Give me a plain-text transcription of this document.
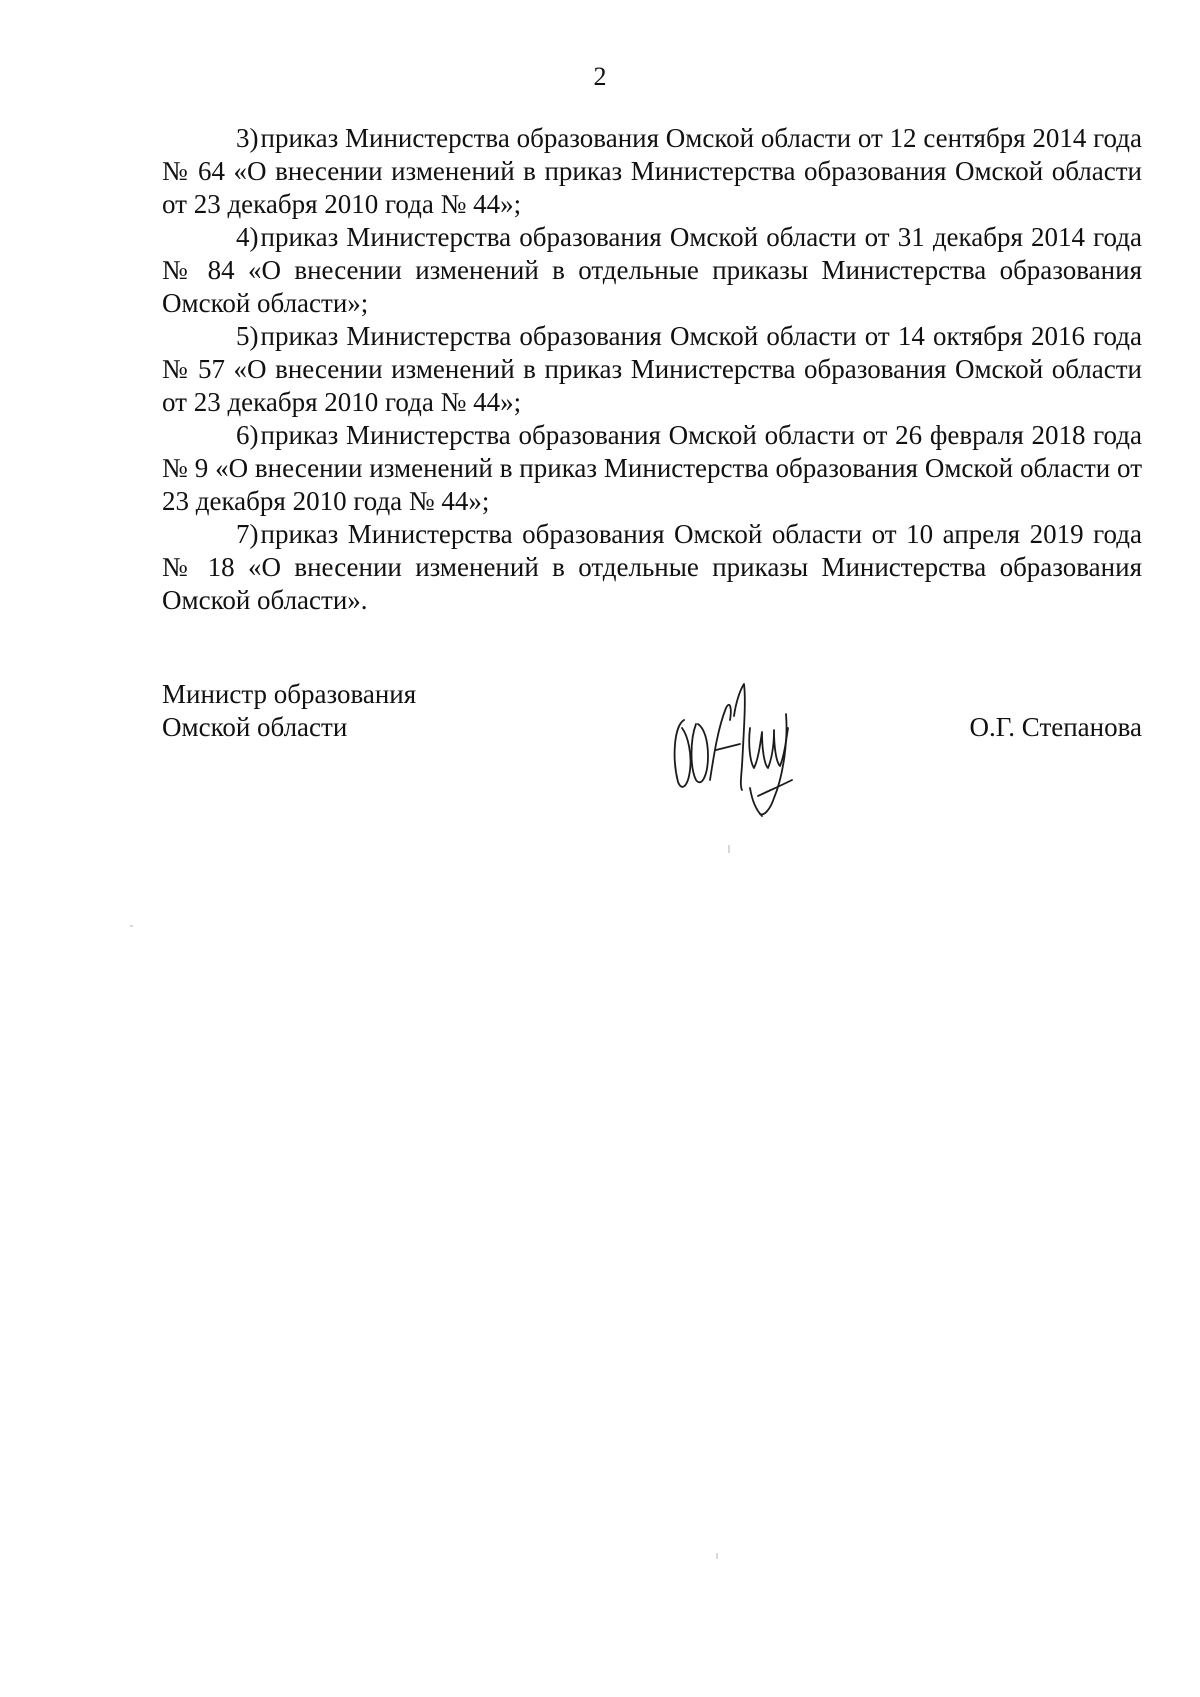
2

3)приказ Министерства образования Омской области от 12 сентября 2014 года № 64 «О внесении изменений в приказ Министерства образования Омской области от 23 декабря 2010 года № 44»;

4)приказ Министерства образования Омской области от 31 декабря 2014 года № 84 «О внесении изменений в отдельные приказы Министерства образования Омской области»;

5)приказ Министерства образования Омской области от 14 октября 2016 года № 57 «О внесении изменений в приказ Министерства образования Омской области от 23 декабря 2010 года № 44»;

6)приказ Министерства образования Омской области от 26 февраля 2018 года № 9 «О внесении изменений в приказ Министерства образования Омской области от 23 декабря 2010 года № 44»;

7)приказ Министерства образования Омской области от 10 апреля 2019 года № 18 «О внесении изменений в отдельные приказы Министерства образования Омской области».

Министр образования
Омской области	О.Г. Степанова
